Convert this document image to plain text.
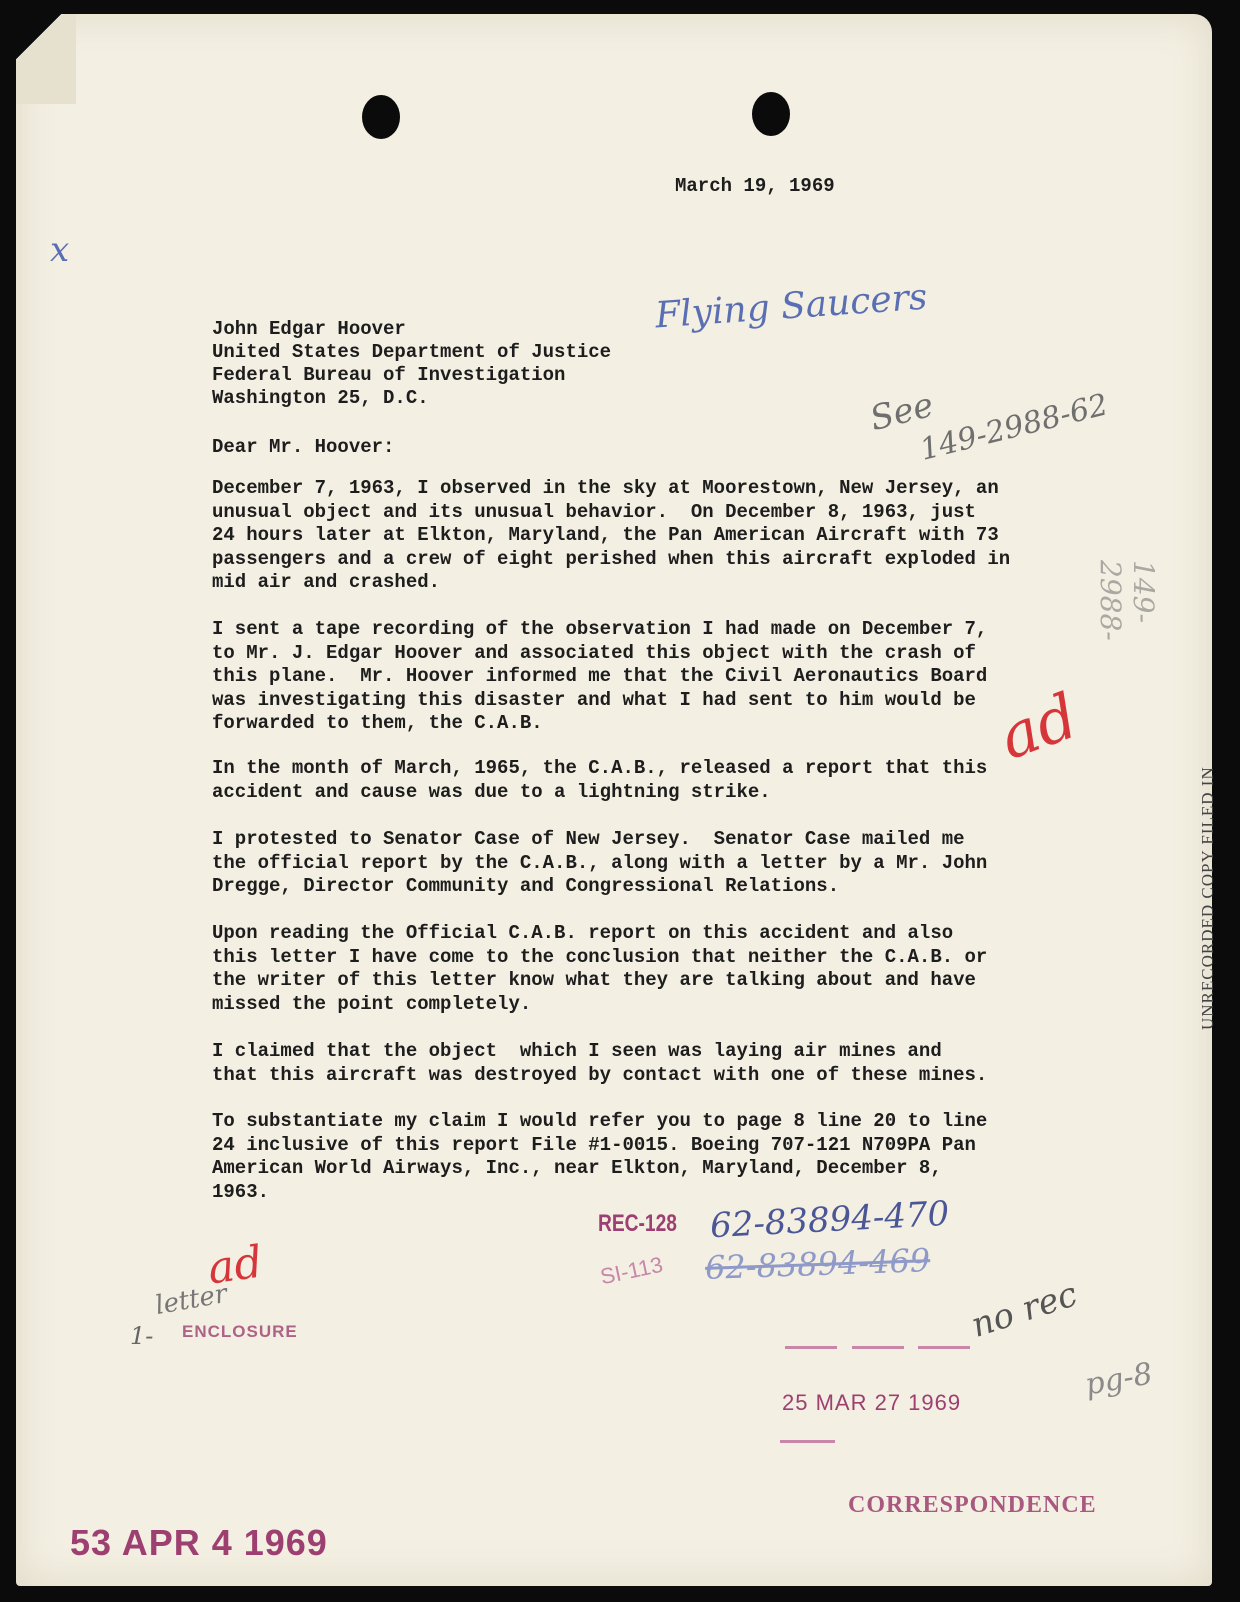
March 19, 1969
John Edgar Hoover
United States Department of Justice
Federal Bureau of Investigation
Washington 25, D.C.
Dear Mr. Hoover:
December 7, 1963, I observed in the sky at Moorestown, New Jersey, an
unusual object and its unusual behavior.  On December 8, 1963, just
24 hours later at Elkton, Maryland, the Pan American Aircraft with 73
passengers and a crew of eight perished when this aircraft exploded in
mid air and crashed.
I sent a tape recording of the observation I had made on December 7,
to Mr. J. Edgar Hoover and associated this object with the crash of
this plane.  Mr. Hoover informed me that the Civil Aeronautics Board
was investigating this disaster and what I had sent to him would be
forwarded to them, the C.A.B.
In the month of March, 1965, the C.A.B., released a report that this
accident and cause was due to a lightning strike.
I protested to Senator Case of New Jersey.  Senator Case mailed me
the official report by the C.A.B., along with a letter by a Mr. John
Dregge, Director Community and Congressional Relations.
Upon reading the Official C.A.B. report on this accident and also
this letter I have come to the conclusion that neither the C.A.B. or
the writer of this letter know what they are talking about and have
missed the point completely.
I claimed that the object  which I seen was laying air mines and
that this aircraft was destroyed by contact with one of these mines.
To substantiate my claim I would refer you to page 8 line 20 to line
24 inclusive of this report File #1-0015. Boeing 707-121 N709PA Pan
American World Airways, Inc., near Elkton, Maryland, December 8,
1963.
Flying Saucers
See
149-2988-62
149-2988-
x
ad
UNRECORDED COPY FILED IN
REC-128
SI-113
62-83894-470
62-83894-469
no rec
ad
letter
1- ENCLOSURE
25 MAR 27 1969	pg-8
CORRESPONDENCE
53 APR 4 1969
